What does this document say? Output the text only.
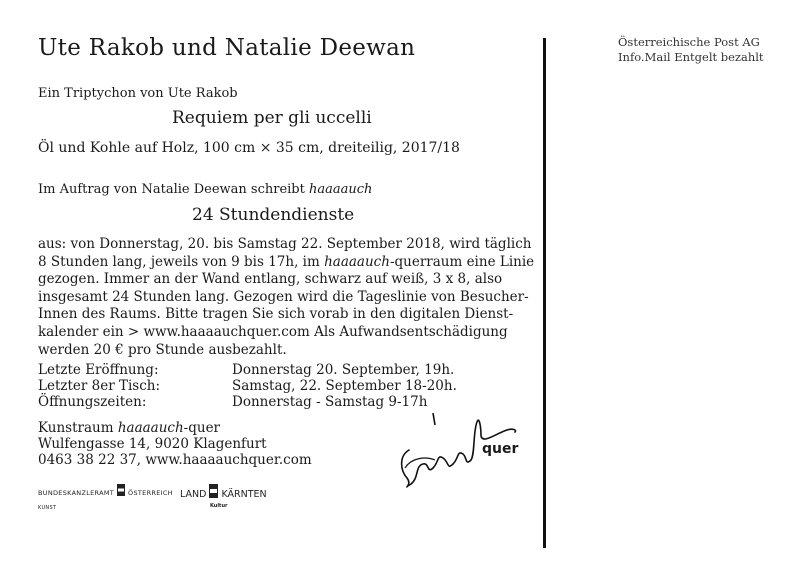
Ute Rakob und Natalie Deewan	Österreichische Post AG
Info.Mail Entgelt bezahlt
Ein Triptychon von Ute Rakob
Requiem per gli uccelli
Öl und Kohle auf Holz, 100 cm × 35 cm, dreiteilig, 2017/18
Im Auftrag von Natalie Deewan schreibt haaaauch
24 Stundendienste
aus: von Donnerstag, 20. bis Samstag 22. September 2018, wird täglich
8 Stunden lang, jeweils von 9 bis 17h, im haaaauch-querraum eine Linie
gezogen. Immer an der Wand entlang, schwarz auf weiß, 3 x 8, also
insgesamt 24 Stunden lang. Gezogen wird die Tageslinie von Besucher-
Innen des Raums. Bitte tragen Sie sich vorab in den digitalen Dienst-
kalender ein > www.haaaauchquer.com Als Aufwandsentschädigung
werden 20 € pro Stunde ausbezahlt.
Letzte Eröffnung:	Donnerstag 20. September, 19h.
Letzter 8er Tisch:	Samstag, 22. September 18-20h.
Öffnungszeiten:	Donnerstag - Samstag 9-17h
Kunstraum haaaauch-quer
Wulfengasse 14, 9020 Klagenfurt
0463 38 22 37, www.haaaauchquer.com
BUNDESKANZLERAMT ÖSTERREICH
KUNST
LAND KÄRNTEN
Kultur
quer
